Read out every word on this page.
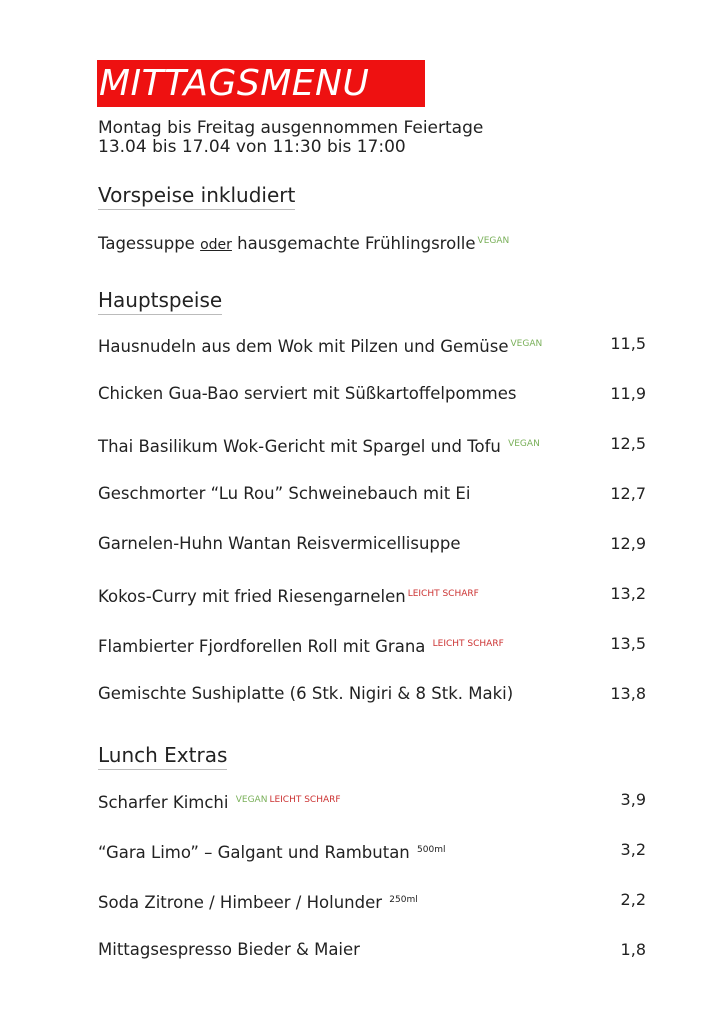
MITTAGSMENU
Montag bis Freitag ausgennommen Feiertage
13.04 bis 17.04 von 11:30 bis 17:00
Vorspeise inkludiert
Tagessuppe oder hausgemachte Frühlingsrolle $^{VEGAN}$
Hauptspeise
Hausnudeln aus dem Wok mit Pilzen und Gemüse $^{VEGAN}$	11,5
Chicken Gua-Bao serviert mit Süßkartoffelpommes	11,9
Thai Basilikum Wok-Gericht mit Spargel und Tofu $^{VEGAN}$	12,5
Geschmorter “Lu Rou” Schweinebauch mit Ei	12,7
Garnelen-Huhn Wantan Reisvermicellisuppe	12,9
Kokos-Curry mit fried Riesengarnelen $^{LEICHT SCHARF}$	13,2
Flambierter Fjordforellen Roll mit Grana $^{LEICHT SCHARF}$	13,5
Gemischte Sushiplatte (6 Stk. Nigiri & 8 Stk. Maki)	13,8
Lunch Extras
Scharfer Kimchi $^{VEGAN}$ $^{LEICHT SCHARF}$	3,9
“Gara Limo” – Galgant und Rambutan $^{500ml}$	3,2
Soda Zitrone / Himbeer / Holunder $^{250ml}$	2,2
Mittagsespresso Bieder & Maier	1,8
